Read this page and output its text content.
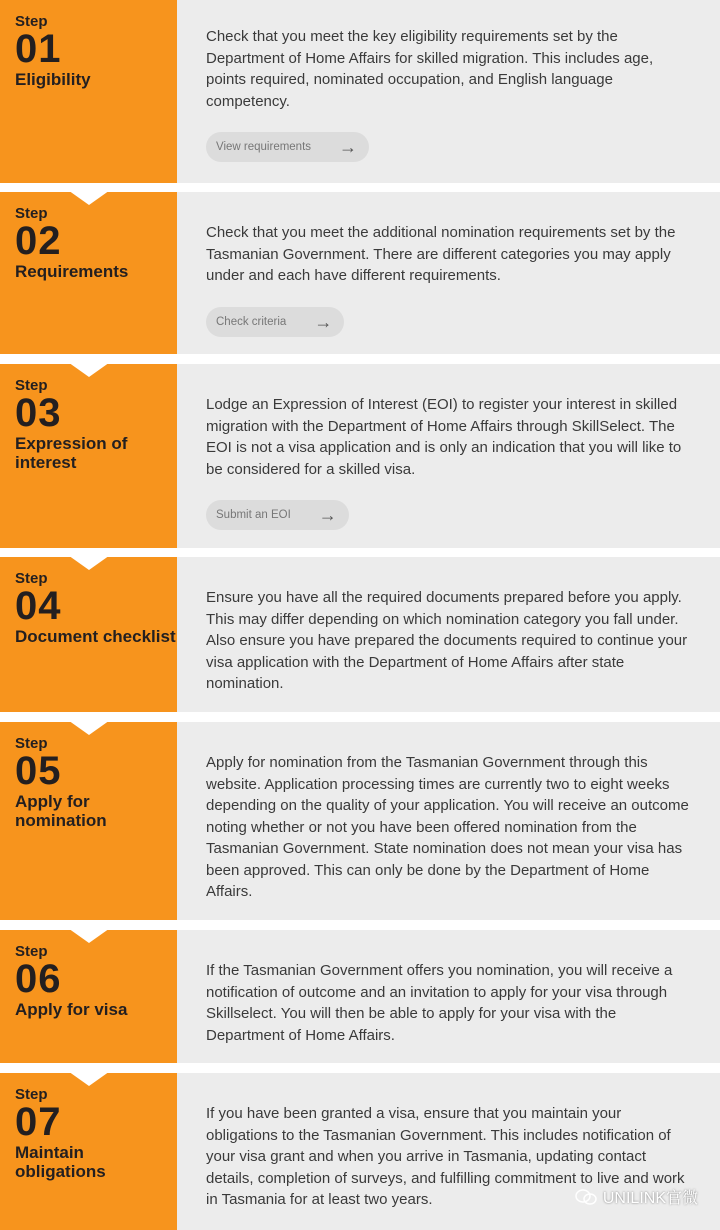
Step
01
Eligibility

Check that you meet the key eligibility requirements set by the Department of Home Affairs for skilled migration. This includes age, points required, nominated occupation, and English language competency.

View requirements →
Step
02
Requirements

Check that you meet the additional nomination requirements set by the Tasmanian Government. There are different categories you may apply under and each have different requirements.

Check criteria →
Step
03
Expression of interest

Lodge an Expression of Interest (EOI) to register your interest in skilled migration with the Department of Home Affairs through SkillSelect. The EOI is not a visa application and is only an indication that you will like to be considered for a skilled visa.

Submit an EOI →
Step
04
Document checklist

Ensure you have all the required documents prepared before you apply. This may differ depending on which nomination category you fall under. Also ensure you have prepared the documents required to continue your visa application with the Department of Home Affairs after state nomination.

Step
05
Apply for nomination

Apply for nomination from the Tasmanian Government through this website. Application processing times are currently two to eight weeks depending on the quality of your application. You will receive an outcome noting whether or not you have been offered nomination from the Tasmanian Government. State nomination does not mean your visa has been approved. This can only be done by the Department of Home Affairs.

Step
06
Apply for visa

If the Tasmanian Government offers you nomination, you will receive a notification of outcome and an invitation to apply for your visa through Skillselect. You will then be able to apply for your visa with the Department of Home Affairs.

Step
07
Maintain obligations

If you have been granted a visa, ensure that you maintain your obligations to the Tasmanian Government. This includes notification of your visa grant and when you arrive in Tasmania, updating contact details, completion of surveys, and fulfilling commitment to live and work in Tasmania for at least two years.	UNILINK官微
